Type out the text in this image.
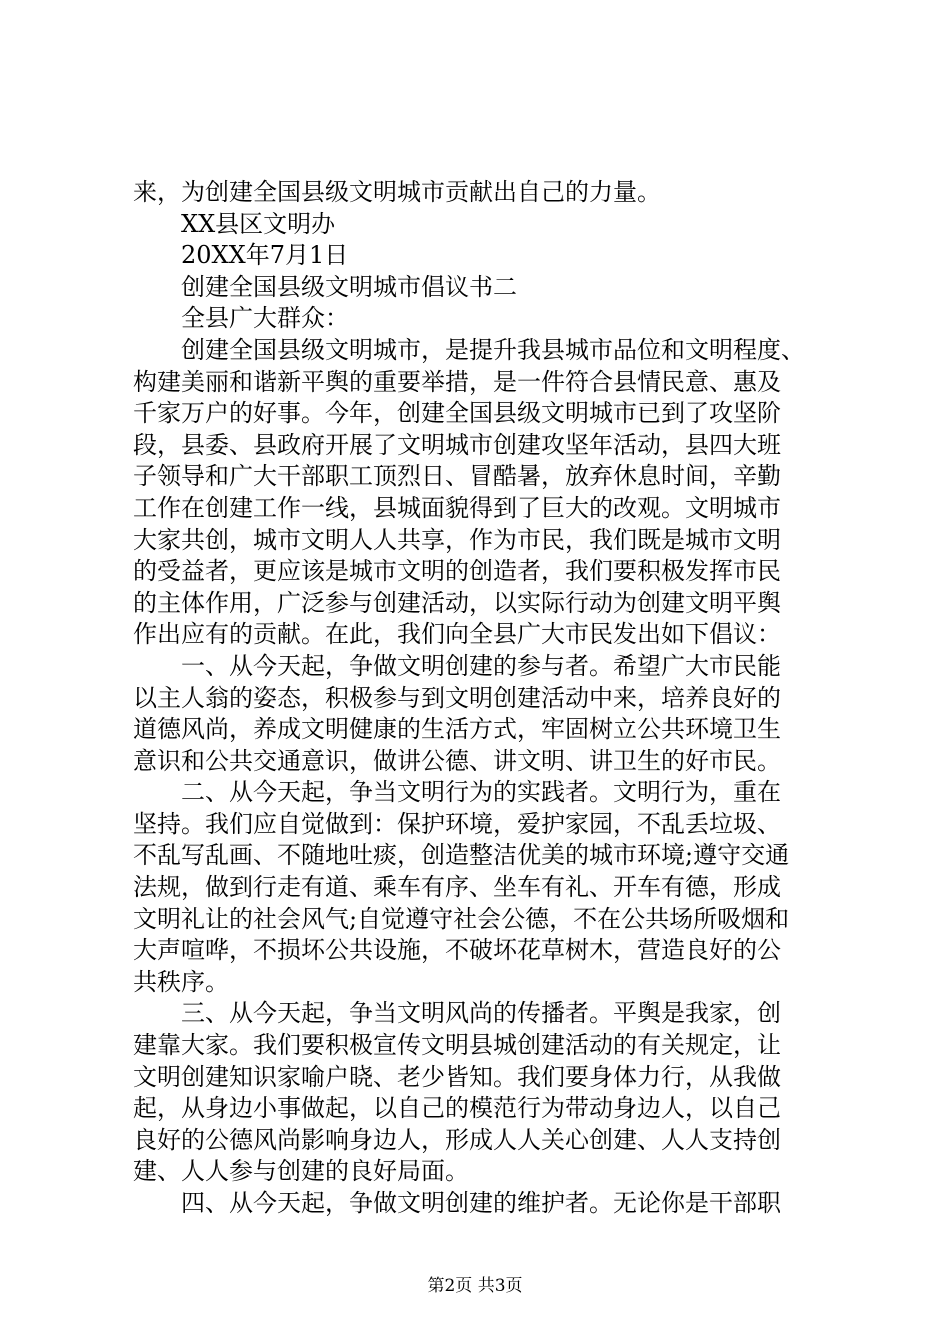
来，为创建全国县级文明城市贡献出自己的力量。
XX县区文明办
20XX年7月1日
创建全国县级文明城市倡议书二
全县广大群众：
创建全国县级文明城市，是提升我县城市品位和文明程度、
构建美丽和谐新平舆的重要举措，是一件符合县情民意、惠及
千家万户的好事。今年，创建全国县级文明城市已到了攻坚阶
段，县委、县政府开展了文明城市创建攻坚年活动，县四大班
子领导和广大干部职工顶烈日、冒酷暑，放弃休息时间，辛勤
工作在创建工作一线，县城面貌得到了巨大的改观。文明城市
大家共创，城市文明人人共享，作为市民，我们既是城市文明
的受益者，更应该是城市文明的创造者，我们要积极发挥市民
的主体作用，广泛参与创建活动，以实际行动为创建文明平舆
作出应有的贡献。在此，我们向全县广大市民发出如下倡议：
一、从今天起，争做文明创建的参与者。希望广大市民能
以主人翁的姿态，积极参与到文明创建活动中来，培养良好的
道德风尚，养成文明健康的生活方式，牢固树立公共环境卫生
意识和公共交通意识，做讲公德、讲文明、讲卫生的好市民。
二、从今天起，争当文明行为的实践者。文明行为，重在
坚持。我们应自觉做到：保护环境，爱护家园，不乱丢垃圾、
不乱写乱画、不随地吐痰，创造整洁优美的城市环境;遵守交通
法规，做到行走有道、乘车有序、坐车有礼、开车有德，形成
文明礼让的社会风气;自觉遵守社会公德，不在公共场所吸烟和
大声喧哗，不损坏公共设施，不破坏花草树木，营造良好的公
共秩序。
三、从今天起，争当文明风尚的传播者。平舆是我家，创
建靠大家。我们要积极宣传文明县城创建活动的有关规定，让
文明创建知识家喻户晓、老少皆知。我们要身体力行，从我做
起，从身边小事做起，以自己的模范行为带动身边人，以自己
良好的公德风尚影响身边人，形成人人关心创建、人人支持创
建、人人参与创建的良好局面。
四、从今天起，争做文明创建的维护者。无论你是干部职
第2页 共3页
